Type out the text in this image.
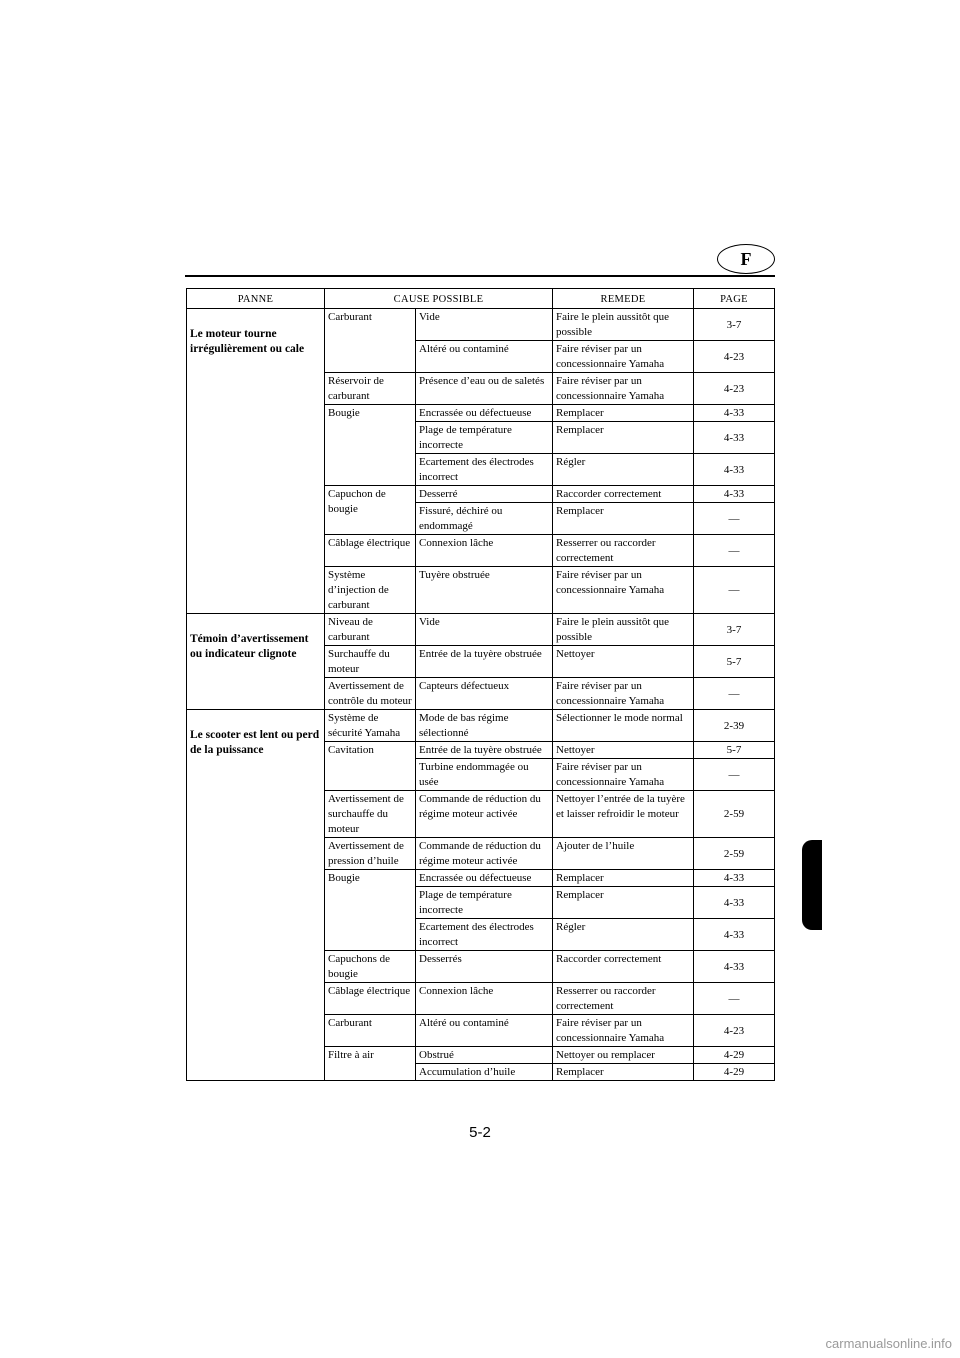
F
PANNE	CAUSE POSSIBLE		REMEDE	PAGE
Le moteur tourne irrégulièrement ou cale	Carburant	Vide	Faire le plein aussitôt que possible	3-7
		Altéré ou contaminé	Faire réviser par un concessionnaire Yamaha	4-23
	Réservoir de carburant	Présence d’eau ou de saletés	Faire réviser par un concessionnaire Yamaha	4-23
	Bougie	Encrassée ou défectueuse	Remplacer	4-33
		Plage de température incorrecte	Remplacer	4-33
		Ecartement des électrodes incorrect	Régler	4-33
	Capuchon de bougie	Desserré	Raccorder correctement	4-33
		Fissuré, déchiré ou endommagé	Remplacer	—
	Câblage électrique	Connexion lâche	Resserrer ou raccorder correctement	—
	Système d’injection de carburant	Tuyère obstruée	Faire réviser par un concessionnaire Yamaha	—
Témoin d’avertissement ou indicateur clignote	Niveau de carburant	Vide	Faire le plein aussitôt que possible	3-7
	Surchauffe du moteur	Entrée de la tuyère obstruée	Nettoyer	5-7
	Avertissement de contrôle du moteur	Capteurs défectueux	Faire réviser par un concessionnaire Yamaha	—
Le scooter est lent ou perd de la puissance	Système de sécurité Yamaha	Mode de bas régime sélectionné	Sélectionner le mode normal	2-39
	Cavitation	Entrée de la tuyère obstruée	Nettoyer	5-7
		Turbine endommagée ou usée	Faire réviser par un concessionnaire Yamaha	—
	Avertissement de surchauffe du moteur	Commande de réduction du régime moteur activée	Nettoyer l’entrée de la tuyère et laisser refroidir le moteur	2-59
	Avertissement de pression d’huile	Commande de réduction du régime moteur activée	Ajouter de l’huile	2-59
	Bougie	Encrassée ou défectueuse	Remplacer	4-33
		Plage de température incorrecte	Remplacer	4-33
		Ecartement des électrodes incorrect	Régler	4-33
	Capuchons de bougie	Desserrés	Raccorder correctement	4-33
	Câblage électrique	Connexion lâche	Resserrer ou raccorder correctement	—
	Carburant	Altéré ou contaminé	Faire réviser par un concessionnaire Yamaha	4-23
	Filtre à air	Obstrué	Nettoyer ou remplacer	4-29
		Accumulation d’huile	Remplacer	4-29
5-2
carmanualsonline.info
